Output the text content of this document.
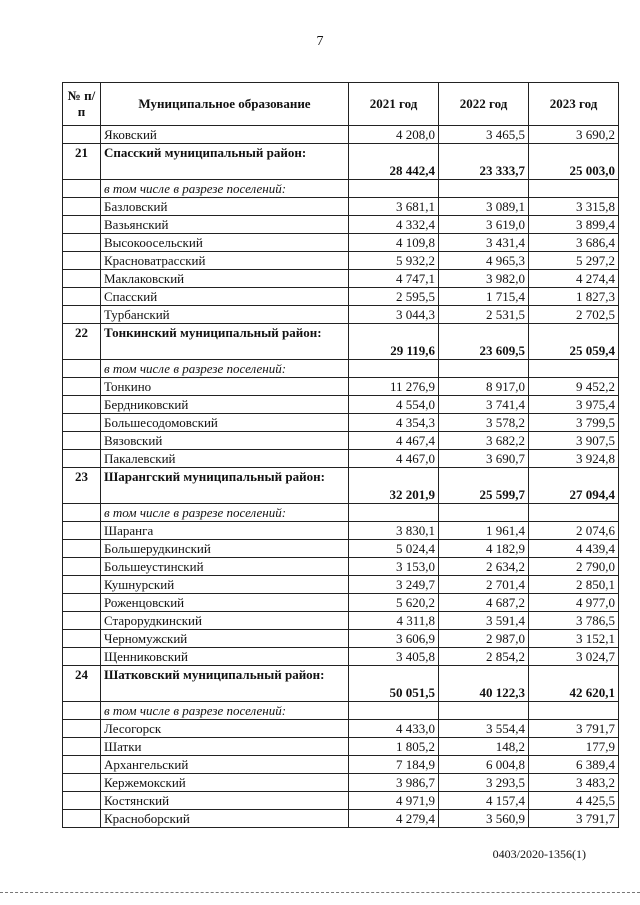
7
№ п/п	Муниципальное образование	2021 год	2022 год	2023 год
	Яковский	4 208,0	3 465,5	3 690,2
21	Спасский муниципальный район:	28 442,4	23 333,7	25 003,0
	в том числе в разрезе поселений:			
	Базловский	3 681,1	3 089,1	3 315,8
	Вазьянский	4 332,4	3 619,0	3 899,4
	Высокоосельский	4 109,8	3 431,4	3 686,4
	Красноватрасский	5 932,2	4 965,3	5 297,2
	Маклаковский	4 747,1	3 982,0	4 274,4
	Спасский	2 595,5	1 715,4	1 827,3
	Турбанский	3 044,3	2 531,5	2 702,5
22	Тонкинский муниципальный район:	29 119,6	23 609,5	25 059,4
	в том числе в разрезе поселений:			
	Тонкино	11 276,9	8 917,0	9 452,2
	Бердниковский	4 554,0	3 741,4	3 975,4
	Большесодомовский	4 354,3	3 578,2	3 799,5
	Вязовский	4 467,4	3 682,2	3 907,5
	Пакалевский	4 467,0	3 690,7	3 924,8
23	Шарангский муниципальный район:	32 201,9	25 599,7	27 094,4
	в том числе в разрезе поселений:			
	Шаранга	3 830,1	1 961,4	2 074,6
	Большерудкинский	5 024,4	4 182,9	4 439,4
	Большеустинский	3 153,0	2 634,2	2 790,0
	Кушнурский	3 249,7	2 701,4	2 850,1
	Роженцовский	5 620,2	4 687,2	4 977,0
	Старорудкинский	4 311,8	3 591,4	3 786,5
	Черномужский	3 606,9	2 987,0	3 152,1
	Щенниковский	3 405,8	2 854,2	3 024,7
24	Шатковский муниципальный район:	50 051,5	40 122,3	42 620,1
	в том числе в разрезе поселений:			
	Лесогорск	4 433,0	3 554,4	3 791,7
	Шатки	1 805,2	148,2	177,9
	Архангельский	7 184,9	6 004,8	6 389,4
	Кержемокский	3 986,7	3 293,5	3 483,2
	Костянский	4 971,9	4 157,4	4 425,5
	Красноборский	4 279,4	3 560,9	3 791,7
0403/2020-1356(1)
